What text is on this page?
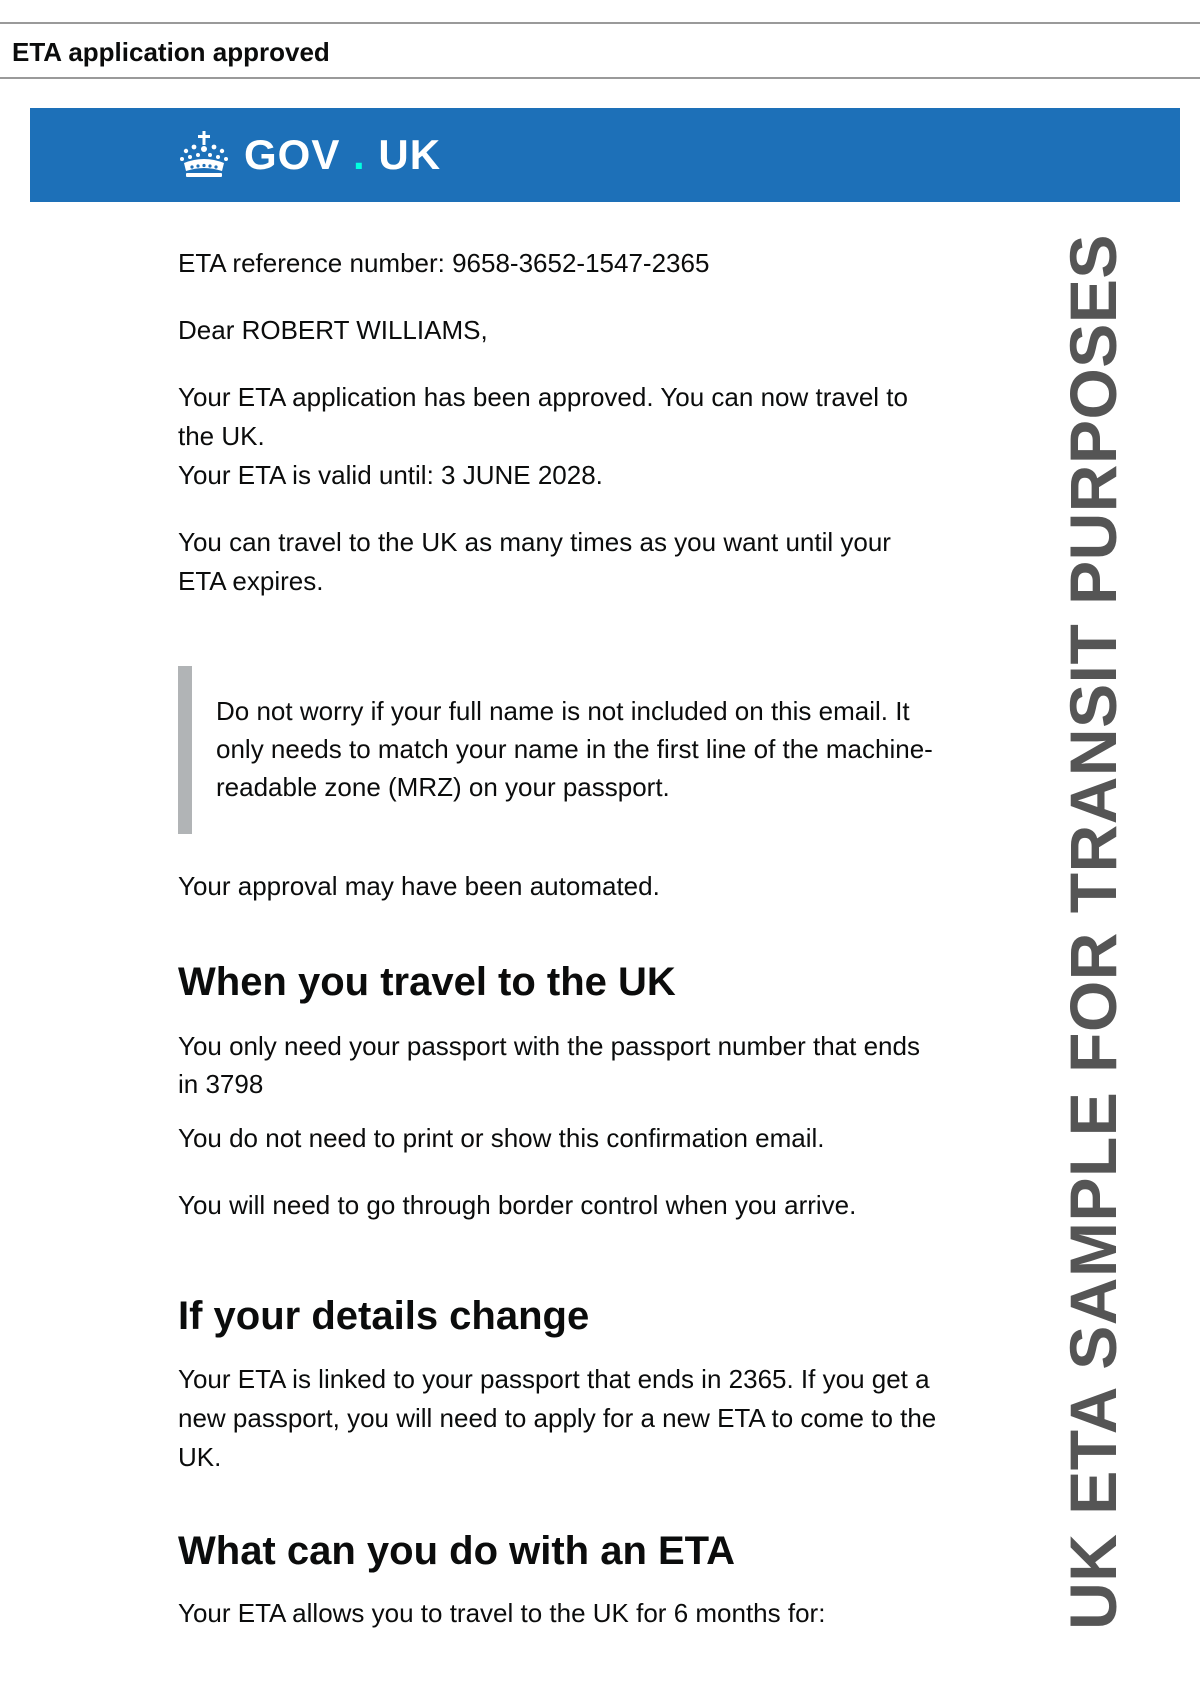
ETA application approved
GOV . UK

ETA reference number: 9658-3652-1547-2365

Dear ROBERT WILLIAMS,

Your ETA application has been approved. You can now travel to

the UK.

Your ETA is valid until: 3 JUNE 2028.

You can travel to the UK as many times as you want until your

ETA expires.

Do not worry if your full name is not included on this email. It

only needs to match your name in the first line of the machine-

readable zone (MRZ) on your passport.

Your approval may have been automated.

When you travel to the UK

You only need your passport with the passport number that ends

in 3798

You do not need to print or show this confirmation email.

You will need to go through border control when you arrive.

If your details change

Your ETA is linked to your passport that ends in 2365. If you get a

new passport, you will need to apply for a new ETA to come to the

UK.

What can you do with an ETA

Your ETA allows you to travel to the UK for 6 months for:	UK ETA SAMPLE FOR TRANSIT PURPOSES
